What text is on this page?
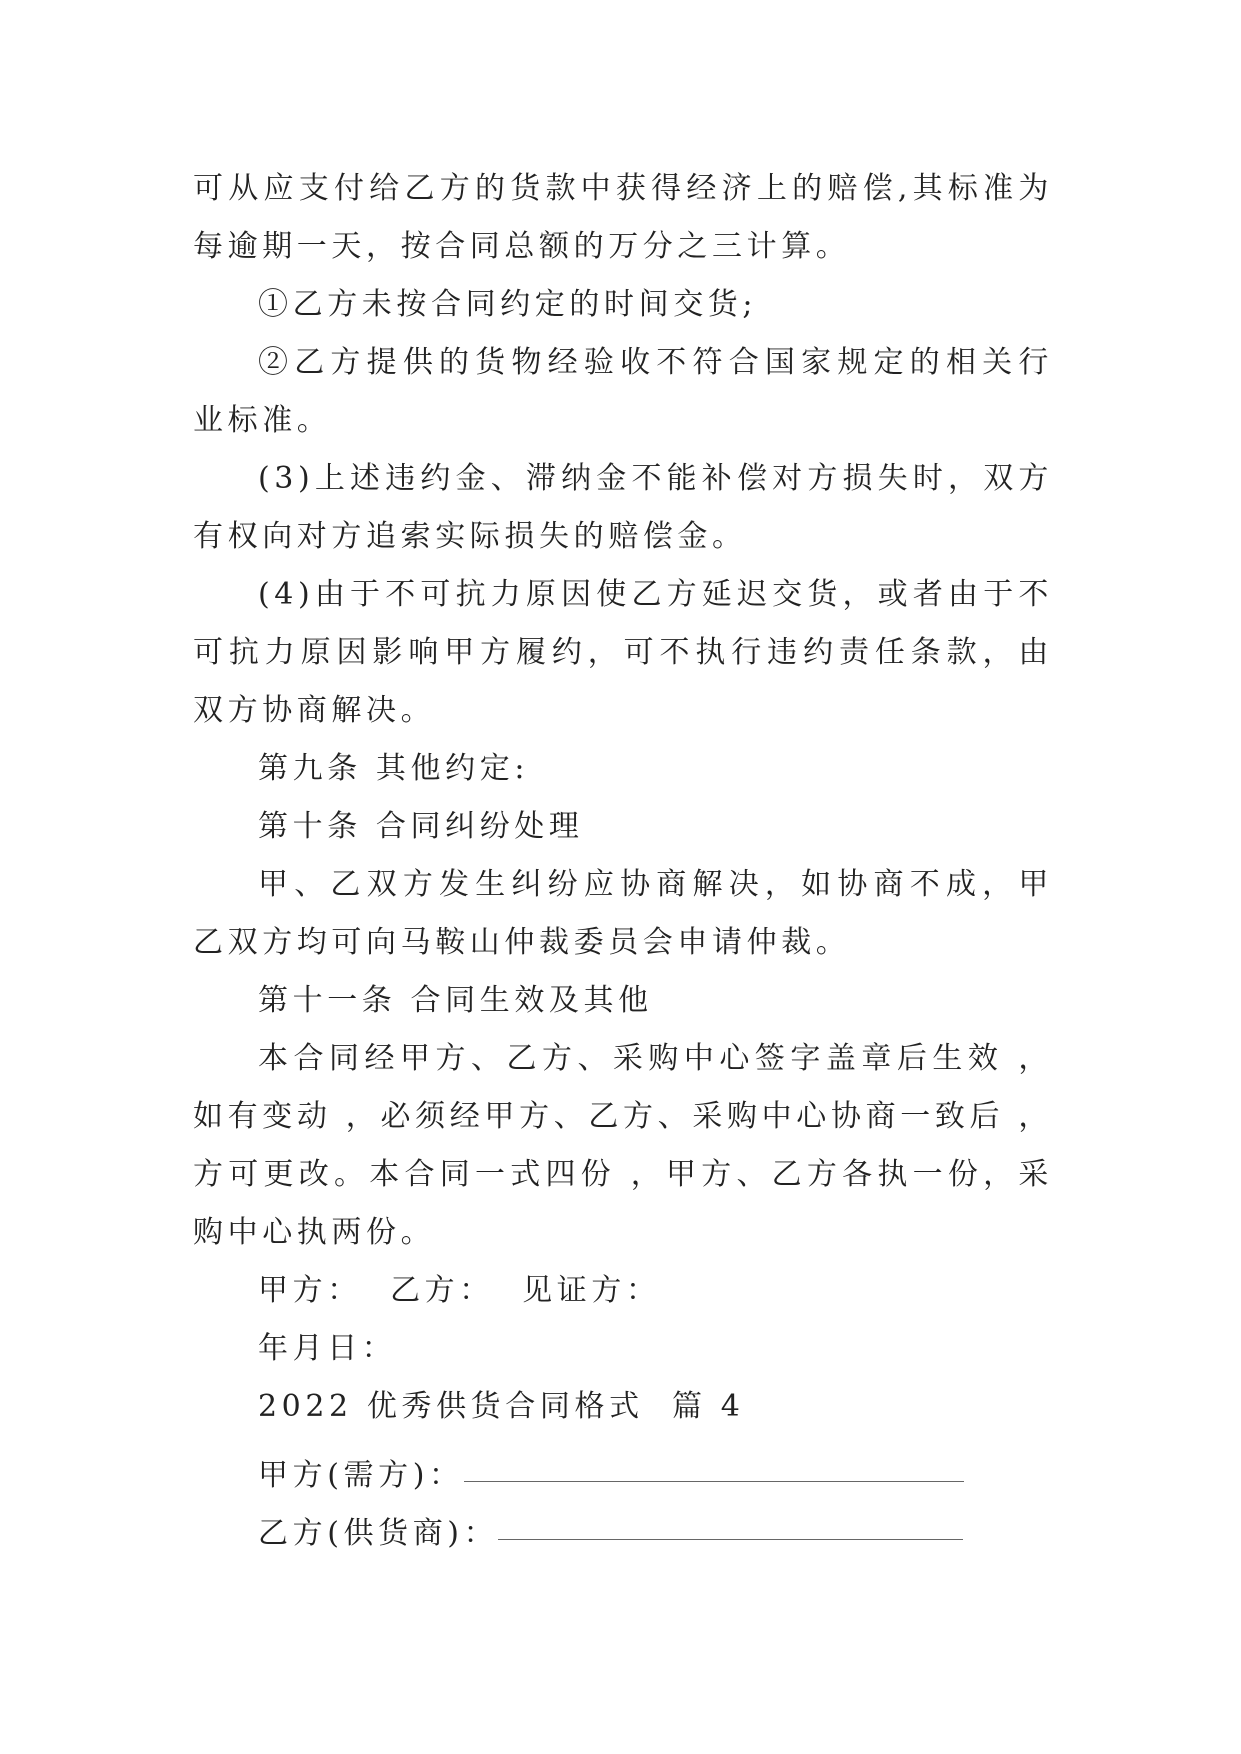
可从应支付给乙方的货款中获得经济上的赔偿,其标准为每逾期一天，按合同总额的万分之三计算。

①乙方未按合同约定的时间交货;

②乙方提供的货物经验收不符合国家规定的相关行业标准。

(3)上述违约金、滞纳金不能补偿对方损失时，双方有权向对方追索实际损失的赔偿金。

(4)由于不可抗力原因使乙方延迟交货，或者由于不可抗力原因影响甲方履约，可不执行违约责任条款，由双方协商解决。

第九条 其他约定:

第十条 合同纠纷处理

甲、乙双方发生纠纷应协商解决，如协商不成，甲乙双方均可向马鞍山仲裁委员会申请仲裁。

第十一条 合同生效及其他

本合同经甲方、乙方、采购中心签字盖章后生效 ，如有变动 ，必须经甲方、乙方、采购中心协商一致后 ，方可更改。本合同一式四份 ，甲方、乙方各执一份，采购中心执两份。

甲方：  乙方：  见证方：

年月日：

2022 优秀供货合同格式  篇 4

甲方(需方)：
乙方(供货商)：
